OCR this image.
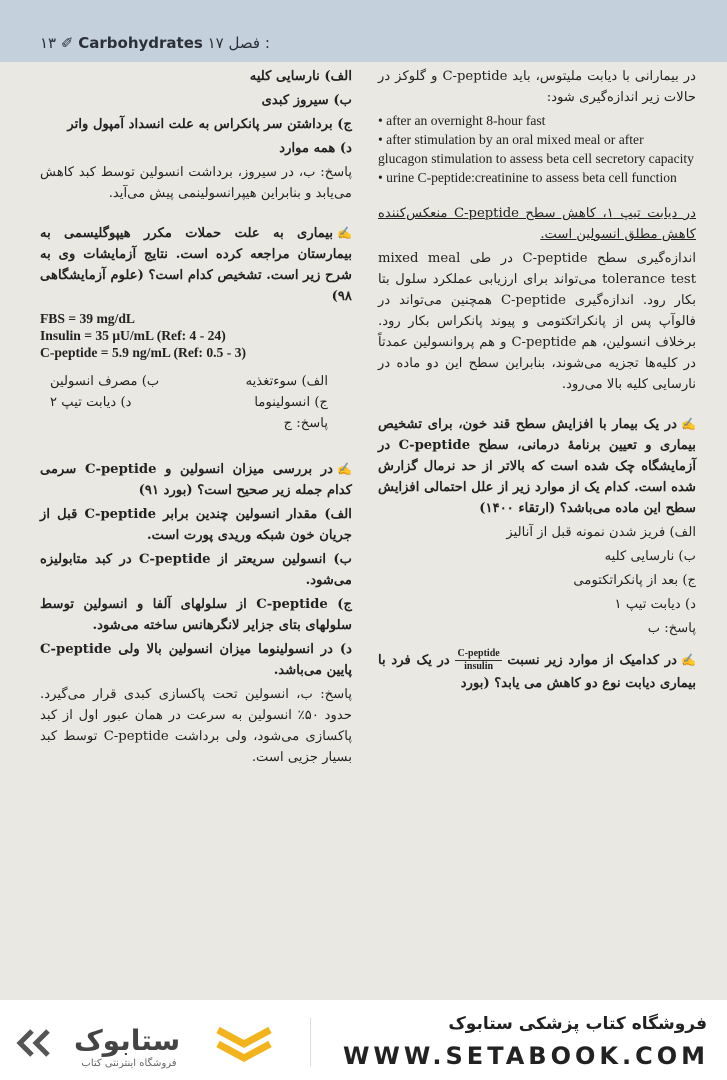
۱۳ ✐ Carbohydrates فصل ۱۷ :

در بیمارانی با دیابت ملیتوس، باید C-peptide و گلوکز در حالات زیر اندازه‌گیری شود:

• after an overnight 8-hour fast
• after stimulation by an oral mixed meal or after glucagon stimulation to assess beta cell secretory capacity
• urine C-peptide:creatinine to assess beta cell function

در دیابت تیپ ۱، کاهش سطح C-peptide منعکس‌کننده کاهش مطلق انسولین است.

اندازه‌گیری سطح C-peptide در طی mixed meal tolerance test می‌تواند برای ارزیابی عملکرد سلول بتا بکار رود. اندازه‌گیری C-peptide همچنین می‌تواند در فالوآپ پس از پانکراتکتومی و پیوند پانکراس بکار رود. برخلاف انسولین، هم C-peptide و هم پروانسولین عمدتاً در کلیه‌ها تجزیه می‌شوند، بنابراین سطح این دو ماده در نارسایی کلیه بالا می‌رود.

✍در یک بیمار با افزایش سطح قند خون، برای تشخیص بیماری و تعیین برنامهٔ درمانی، سطح C-peptide در آزمایشگاه چک شده است که بالاتر از حد نرمال گزارش شده است. کدام یک از موارد زیر از علل احتمالی افزایش سطح این ماده می‌باشد؟ (ارتقاء ۱۴۰۰)

الف) فریز شدن نمونه قبل از آنالیز

ب) نارسایی کلیه

ج) بعد از پانکراتکتومی

د) دیابت تیپ ۱

پاسخ: ب

✍در کدامیک از موارد زیر نسبت
$\frac{\text{C-peptide}}{\text{insulin}}$
در یک فرد با بیماری دیابت نوع دو کاهش می یابد؟ (بورد

الف) نارسایی کلیه

ب) سیروز کبدی

ج) برداشتن سر پانکراس به علت انسداد آمپول واتر

د) همه موارد

پاسخ: ب، در سیروز، برداشت انسولین توسط کبد کاهش می‌یابد و بنابراین هیپرانسولینمی پیش می‌آید.

✍بیماری به علت حملات مکرر هیپوگلیسمی به بیمارستان مراجعه کرده است. نتایج آزمایشات وی به شرح زیر است. تشخیص کدام است؟ (علوم آزمایشگاهی ۹۸)

FBS = 39 mg/dL
Insulin = 35 μU/mL (Ref: 4 - 24)
C-peptide = 5.9 ng/mL (Ref: 0.5 - 3)
الف) سوءتغذیه
ب) مصرف انسولین
ج) انسولینوما
د) دیابت تیپ ۲

پاسخ: ج

✍در بررسی میزان انسولین و C-peptide سرمی کدام جمله زیر صحیح است؟ (بورد ۹۱)

الف) مقدار انسولین چندین برابر C-peptide قبل از جریان خون شبکه وریدی پورت است.

ب) انسولین سریعتر از C-peptide در کبد متابولیزه می‌شود.

ج) C-peptide از سلولهای آلفا و انسولین توسط سلولهای بتای جزایر لانگرهانس ساخته می‌شود.

د) در انسولینوما میزان انسولین بالا ولی C-peptide پایین می‌باشد.

پاسخ: ب، انسولین تحت پاکسازی کبدی قرار می‌گیرد. حدود ۵۰٪ انسولین به سرعت در همان عبور اول از کبد پاکسازی می‌شود، ولی برداشت C-peptide توسط کبد بسیار جزیی است.

ستابوک
فروشگاه اینترنتی کتاب
فروشگاه کتاب پزشکی ستابوک
WWW.SETABOOK.COM
